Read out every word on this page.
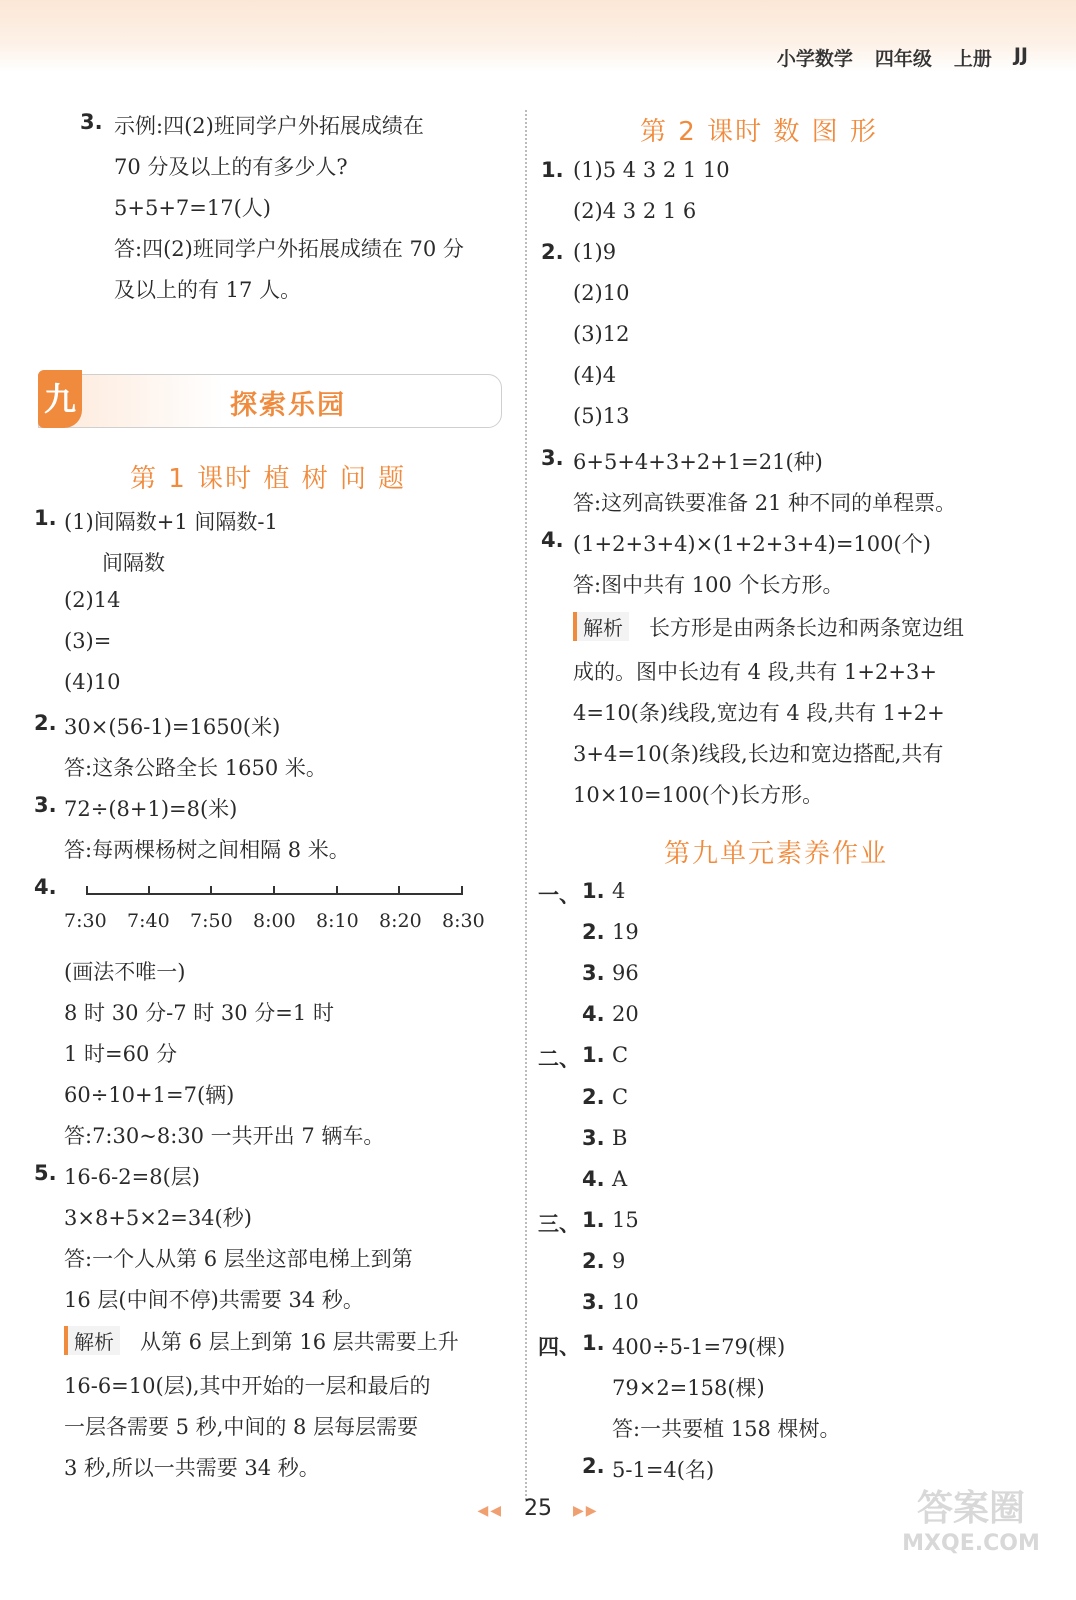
小学数学 四年级 上册 JJ
3. 示例:四(2)班同学户外拓展成绩在
70 分及以上的有多少人?
5+5+7=17(人)
答:四(2)班同学户外拓展成绩在 70 分
及以上的有 17 人。
九	探索乐园
第 1 课时 植 树 问 题
1. (1)间隔数+1 间隔数-1
间隔数
(2)14
(3)=
(4)10
2. 30×(56-1)=1650(米)
答:这条公路全长 1650 米。
3. 72÷(8+1)=8(米)
答:每两棵杨树之间相隔 8 米。
4.
7:30 7:40 7:50 8:00 8:10 8:20 8:30
(画法不唯一)
8 时 30 分-7 时 30 分=1 时
1 时=60 分
60÷10+1=7(辆)
答:7:30~8:30 一共开出 7 辆车。
5. 16-6-2=8(层)
3×8+5×2=34(秒)
答:一个人从第 6 层坐这部电梯上到第
16 层(中间不停)共需要 34 秒。
解析 从第 6 层上到第 16 层共需要上升
16-6=10(层),其中开始的一层和最后的
一层各需要 5 秒,中间的 8 层每层需要
3 秒,所以一共需要 34 秒。
第 2 课时 数 图 形
1. (1)5 4 3 2 1 10
(2)4 3 2 1 6
2. (1)9
(2)10
(3)12
(4)4
(5)13
3. 6+5+4+3+2+1=21(种)
答:这列高铁要准备 21 种不同的单程票。
4. (1+2+3+4)×(1+2+3+4)=100(个)
答:图中共有 100 个长方形。
解析 长方形是由两条长边和两条宽边组
成的。图中长边有 4 段,共有 1+2+3+
4=10(条)线段,宽边有 4 段,共有 1+2+
3+4=10(条)线段,长边和宽边搭配,共有
10×10=100(个)长方形。
第九单元素养作业
一、 1. 4
2. 19
3. 96
4. 20
二、 1. C
2. C
3. B
4. A
三、 1. 15
2. 9
3. 10
四、 1. 400÷5-1=79(棵)
79×2=158(棵)
答:一共要植 158 棵树。
2. 5-1=4(名)
◀◀ 25 ▶▶	答案圈
MXQE.COM
